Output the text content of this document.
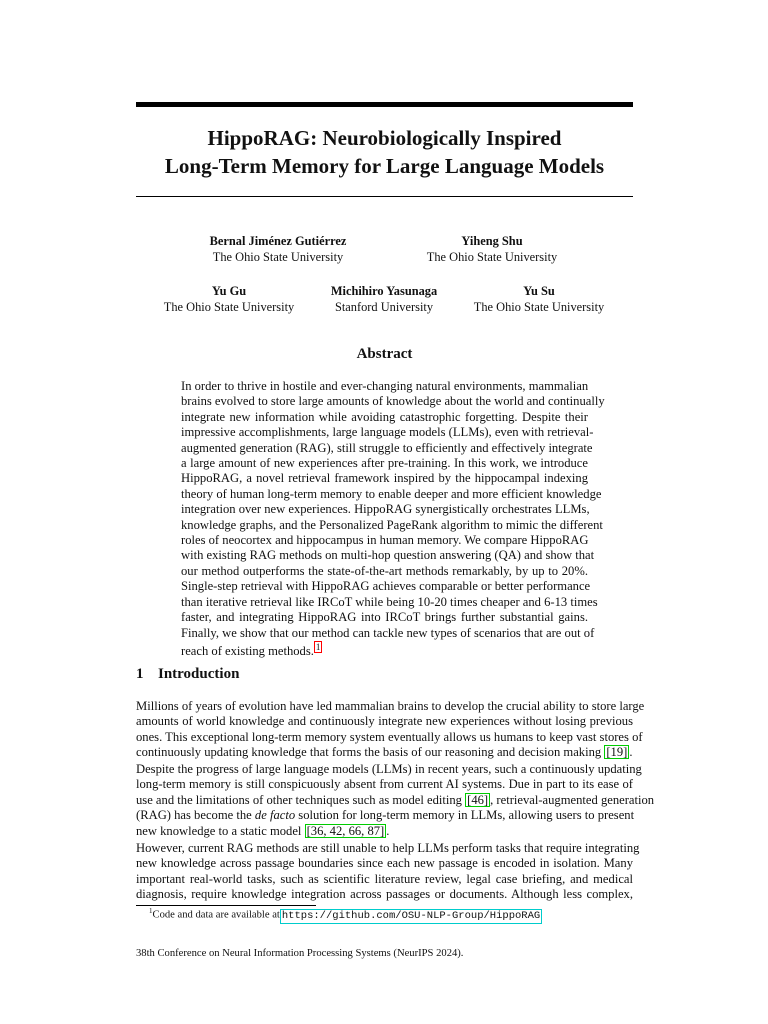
HippoRAG: Neurobiologically Inspired
Long-Term Memory for Large Language Models
Bernal Jiménez Gutiérrez
The Ohio State University
Yiheng Shu
The Ohio State University
Yu Gu
The Ohio State University
Michihiro Yasunaga
Stanford University
Yu Su
The Ohio State University
Abstract
In order to thrive in hostile and ever-changing natural environments, mammalian
brains evolved to store large amounts of knowledge about the world and continually
integrate new information while avoiding catastrophic forgetting. Despite their
impressive accomplishments, large language models (LLMs), even with retrieval-
augmented generation (RAG), still struggle to efficiently and effectively integrate
a large amount of new experiences after pre-training. In this work, we introduce
HippoRAG, a novel retrieval framework inspired by the hippocampal indexing
theory of human long-term memory to enable deeper and more efficient knowledge
integration over new experiences. HippoRAG synergistically orchestrates LLMs,
knowledge graphs, and the Personalized PageRank algorithm to mimic the different
roles of neocortex and hippocampus in human memory. We compare HippoRAG
with existing RAG methods on multi-hop question answering (QA) and show that
our method outperforms the state-of-the-art methods remarkably, by up to 20%.
Single-step retrieval with HippoRAG achieves comparable or better performance
than iterative retrieval like IRCoT while being 10-20 times cheaper and 6-13 times
faster, and integrating HippoRAG into IRCoT brings further substantial gains.
Finally, we show that our method can tackle new types of scenarios that are out of
reach of existing methods. 1
1 Introduction
Millions of years of evolution have led mammalian brains to develop the crucial ability to store large
amounts of world knowledge and continuously integrate new experiences without losing previous
ones. This exceptional long-term memory system eventually allows us humans to keep vast stores of
continuously updating knowledge that forms the basis of our reasoning and decision making [19] .
Despite the progress of large language models (LLMs) in recent years, such a continuously updating
long-term memory is still conspicuously absent from current AI systems. Due in part to its ease of
use and the limitations of other techniques such as model editing [46] , retrieval-augmented generation
(RAG) has become the de facto solution for long-term memory in LLMs, allowing users to present
new knowledge to a static model [36, 42, 66, 87] .
However, current RAG methods are still unable to help LLMs perform tasks that require integrating
new knowledge across passage boundaries since each new passage is encoded in isolation. Many
important real-world tasks, such as scientific literature review, legal case briefing, and medical
diagnosis, require knowledge integration across passages or documents. Although less complex,
$^1$Code and data are available at https://github.com/OSU-NLP-Group/HippoRAG
38th Conference on Neural Information Processing Systems (NeurIPS 2024).
